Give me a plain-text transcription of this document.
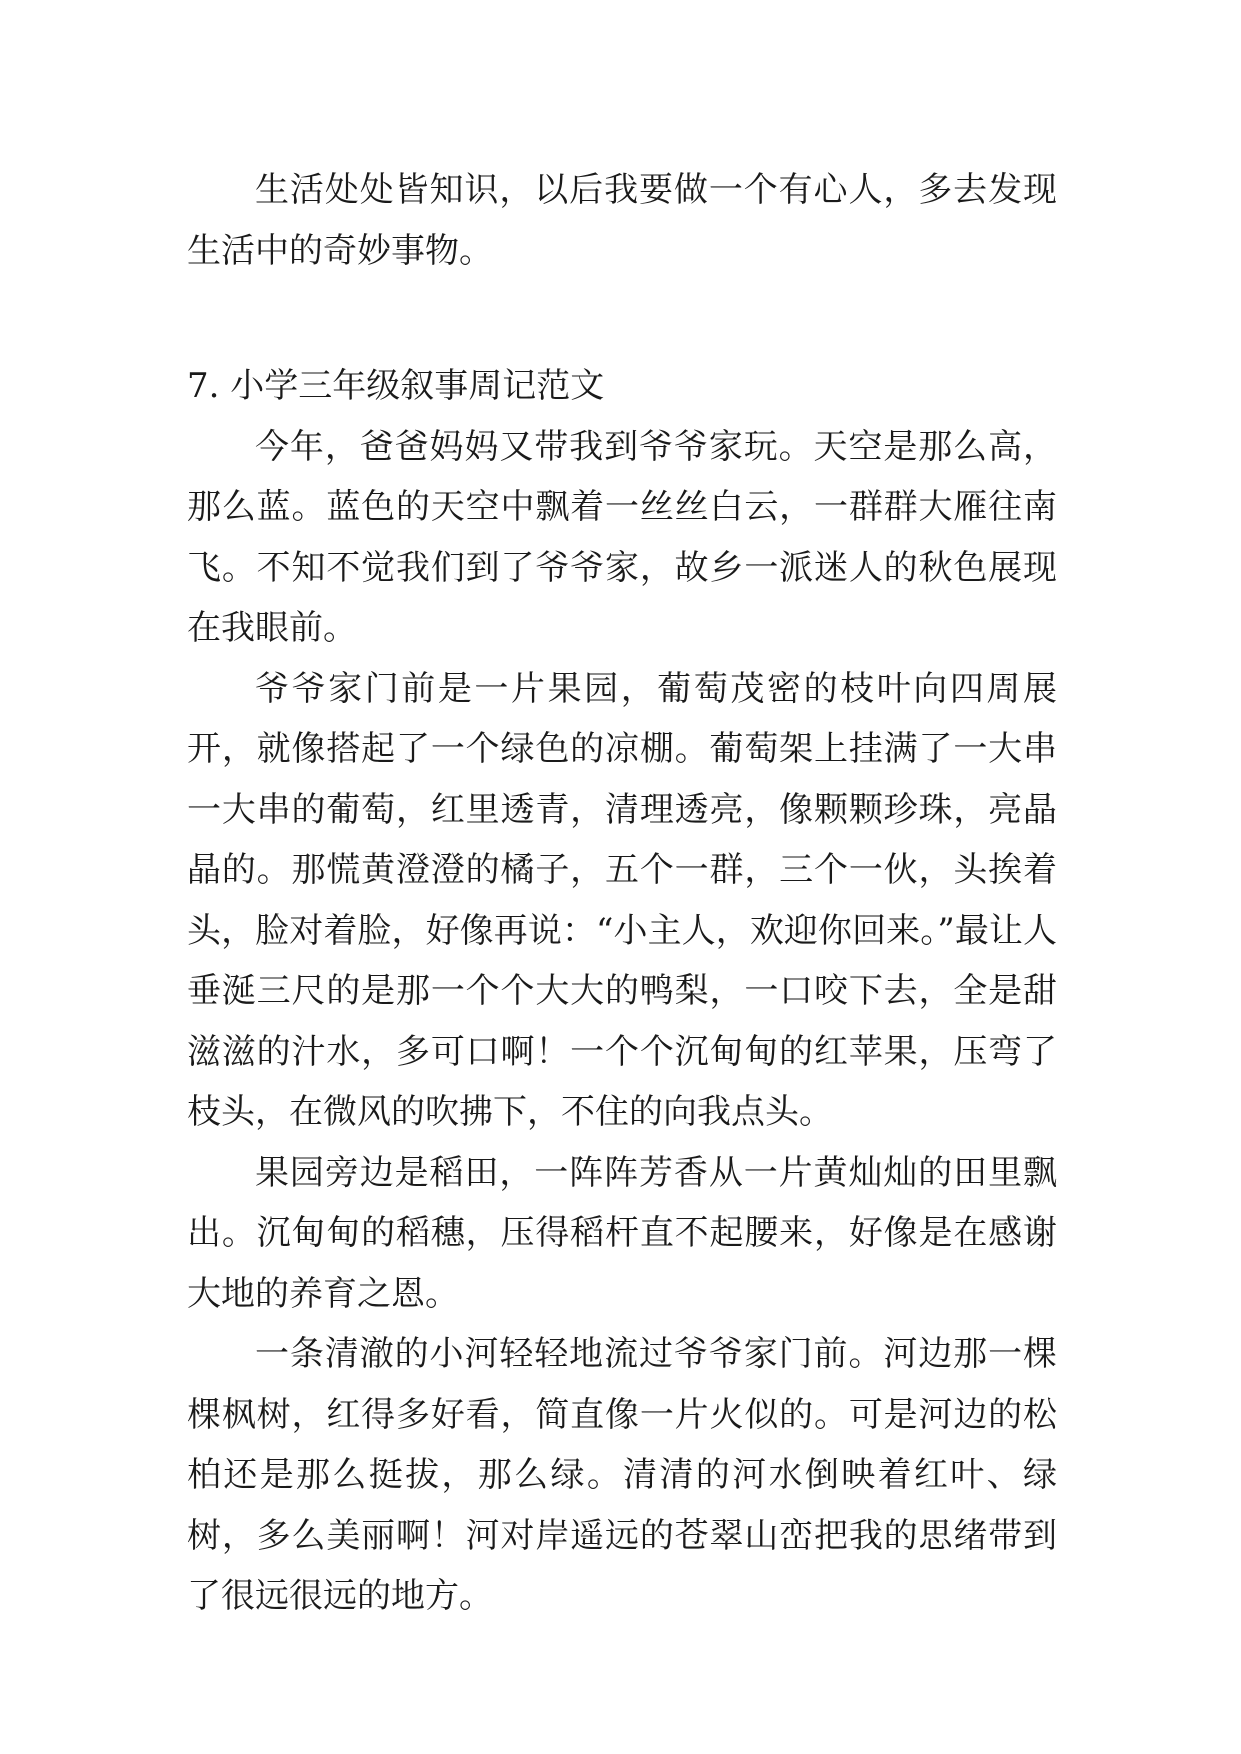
生活处处皆知识，以后我要做一个有心人，多去发现生活中的奇妙事物。

7. 小学三年级叙事周记范文

今年，爸爸妈妈又带我到爷爷家玩。天空是那么高，那么蓝。蓝色的天空中飘着一丝丝白云，一群群大雁往南飞。不知不觉我们到了爷爷家，故乡一派迷人的秋色展现在我眼前。

爷爷家门前是一片果园，葡萄茂密的枝叶向四周展开，就像搭起了一个绿色的凉棚。葡萄架上挂满了一大串一大串的葡萄，红里透青，清理透亮，像颗颗珍珠，亮晶晶的。那慌黄澄澄的橘子，五个一群，三个一伙，头挨着头，脸对着脸，好像再说：“小主人，欢迎你回来。”最让人垂涎三尺的是那一个个大大的鸭梨，一口咬下去，全是甜滋滋的汁水，多可口啊！一个个沉甸甸的红苹果，压弯了枝头，在微风的吹拂下，不住的向我点头。

果园旁边是稻田，一阵阵芳香从一片黄灿灿的田里飘出。沉甸甸的稻穗，压得稻杆直不起腰来，好像是在感谢大地的养育之恩。

一条清澈的小河轻轻地流过爷爷家门前。河边那一棵棵枫树，红得多好看，简直像一片火似的。可是河边的松柏还是那么挺拔，那么绿。清清的河水倒映着红叶、绿树，多么美丽啊！河对岸遥远的苍翠山峦把我的思绪带到了很远很远的地方。
